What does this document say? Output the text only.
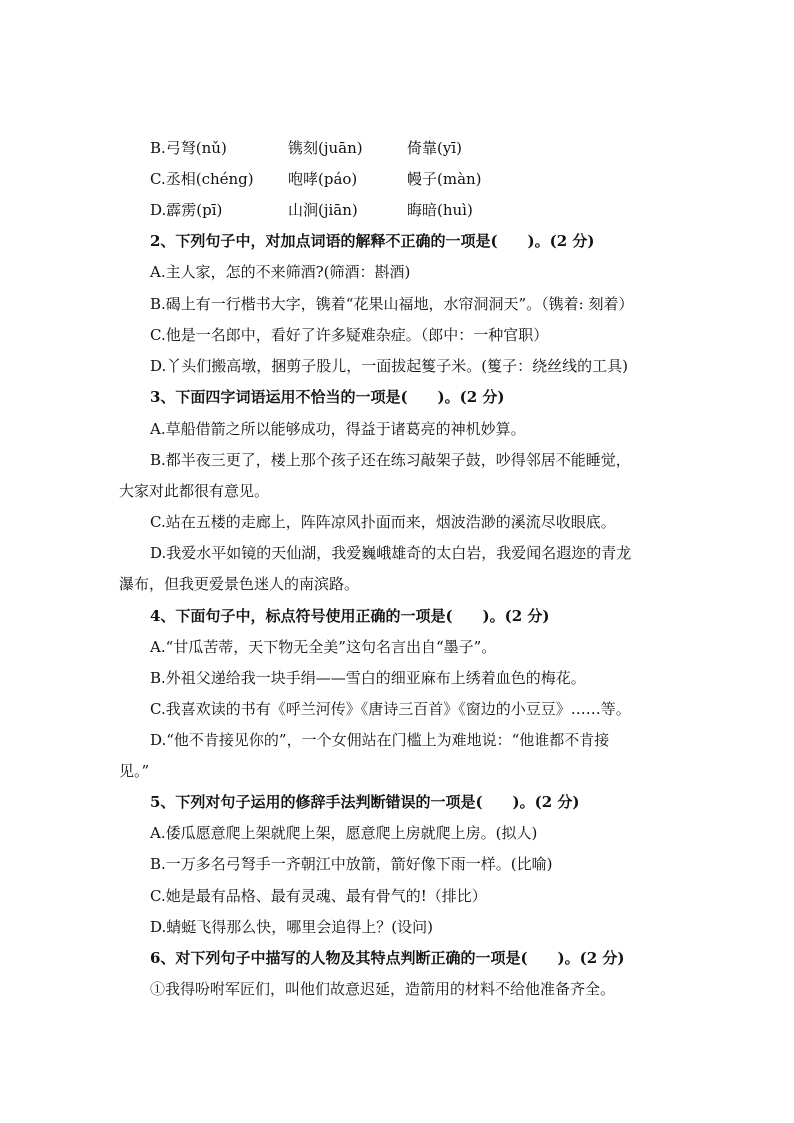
B.弓弩(nǔ)	镌刻(juān)	倚靠(yī)
C.丞相(chéng) 咆哮(páo)	幔子(màn)
D.霹雳(pī)	山涧(jiān)	晦暗(huì)
2、下列句子中，对加点词语的解释不正确的一项是(　　)。(2 分)
A.主人家，怎的不来筛酒?(筛酒：斟酒)
B.碣上有一行楷书大字，镌着“花果山福地，水帘洞洞天”。（镌着: 刻着）
C.他是一名郎中，看好了许多疑难杂症。（郎中：一种官职）
D.丫头们搬高墩，捆剪子股儿，一面拔起篗子米。(篗子：绕丝线的工具)
3、下面四字词语运用不恰当的一项是(　　)。(2 分)
A.草船借箭之所以能够成功，得益于诸葛亮的神机妙算。
B.都半夜三更了，楼上那个孩子还在练习敲架子鼓，吵得邻居不能睡觉，
大家对此都很有意见。
C.站在五楼的走廊上，阵阵凉风扑面而来，烟波浩渺的溪流尽收眼底。
D.我爱水平如镜的天仙湖，我爱巍峨雄奇的太白岩，我爱闻名遐迩的青龙
瀑布，但我更爱景色迷人的南滨路。
4、下面句子中，标点符号使用正确的一项是(　　)。(2 分)
A.“甘瓜苦蒂，天下物无全美”这句名言出自“墨子”。
B.外祖父递给我一块手绢——雪白的细亚麻布上绣着血色的梅花。
C.我喜欢读的书有《呼兰河传》《唐诗三百首》《窗边的小豆豆》……等。
D.“他不肯接见你的”，一个女佣站在门槛上为难地说：“他谁都不肯接
见。”
5、下列对句子运用的修辞手法判断错误的一项是(　　)。(2 分)
A.倭瓜愿意爬上架就爬上架，愿意爬上房就爬上房。(拟人)
B.一万多名弓弩手一齐朝江中放箭，箭好像下雨一样。(比喻)
C.她是最有品格、最有灵魂、最有骨气的!（排比）
D.蜻蜓飞得那么快，哪里会追得上？(设问)
6、对下列句子中描写的人物及其特点判断正确的一项是(　　)。(2 分)
①我得吩咐军匠们，叫他们故意迟延，造箭用的材料不给他准备齐全。
